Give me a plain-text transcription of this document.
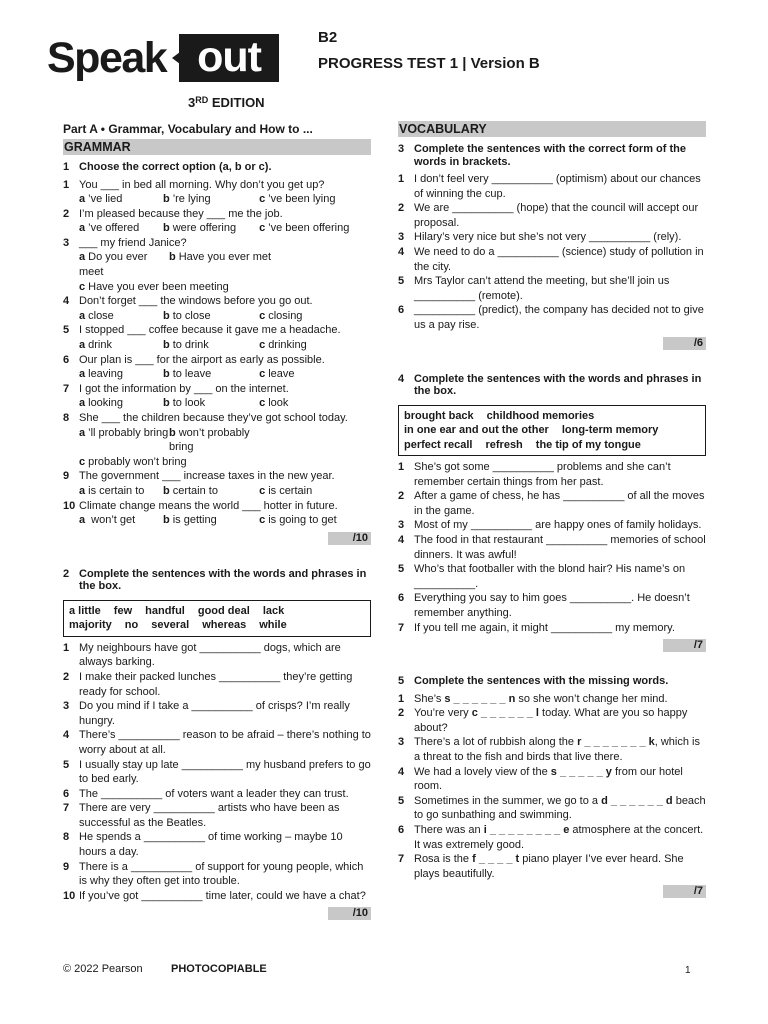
Speak out
3RD EDITION
B2
PROGRESS TEST 1 | Version B
Part A • Grammar, Vocabulary and How to ...
GRAMMAR
1 Choose the correct option (a, b or c).
1 You ___ in bed all morning. Why don’t you get up?
a ’ve lied	b ’re lying	c ’ve been lying
2 I’m pleased because they ___ me the job.
a ’ve offered	b were offering	c ’ve been offering
3 ___ my friend Janice?
a Do you ever meet
b Have you ever met
c Have you ever been meeting
4 Don’t forget ___ the windows before you go out.
a close	b to close	c closing
5 I stopped ___ coffee because it gave me a headache.
a drink	b to drink	c drinking
6 Our plan is ___ for the airport as early as possible.
a leaving	b to leave	c leave
7 I got the information by ___ on the internet.
a looking	b to look	c look
8 She ___ the children because they’ve got school today.
a ’ll probably bring b won’t probably bring
c probably won’t bring
9 The government ___ increase taxes in the new year.
a is certain to	b certain to	c is certain
10 Climate change means the world ___ hotter in future.
a won’t get	b is getting	c is going to get
/10
2 Complete the sentences with the words and phrases in the box.
a little few handful good deal lack
majority no several whereas while
1 My neighbours have got __________ dogs, which are always barking.
2 I make their packed lunches __________ they’re getting ready for school.
3 Do you mind if I take a __________ of crisps? I’m really hungry.
4 There’s __________ reason to be afraid – there’s nothing to worry about at all.
5 I usually stay up late __________ my husband prefers to go to bed early.
6 The __________ of voters want a leader they can trust.
7 There are very __________ artists who have been as successful as the Beatles.
8 He spends a __________ of time working – maybe 10 hours a day.
9 There is a __________ of support for young people, which is why they often get into trouble.
10 If you’ve got __________ time later, could we have a chat?
/10
VOCABULARY
3 Complete the sentences with the correct form of the words in brackets.
1 I don’t feel very __________ (optimism) about our chances of winning the cup.
2 We are __________ (hope) that the council will accept our proposal.
3 Hilary’s very nice but she’s not very __________ (rely).
4 We need to do a __________ (science) study of pollution in the city.
5 Mrs Taylor can’t attend the meeting, but she’ll join us __________ (remote).
6 __________ (predict), the company has decided not to give us a pay rise.
/6
4 Complete the sentences with the words and phrases in the box.
brought back childhood memories
in one ear and out the other long-term memory
perfect recall refresh the tip of my tongue
1 She’s got some __________ problems and she can’t remember certain things from her past.
2 After a game of chess, he has __________ of all the moves in the game.
3 Most of my __________ are happy ones of family holidays.
4 The food in that restaurant __________ memories of school dinners. It was awful!
5 Who’s that footballer with the blond hair? His name’s on __________.
6 Everything you say to him goes __________. He doesn’t remember anything.
7 If you tell me again, it might __________ my memory.
/7
5 Complete the sentences with the missing words.
1 She’s s _ _ _ _ _ _ n so she won’t change her mind.
2 You’re very c _ _ _ _ _ _ l today. What are you so happy about?
3 There’s a lot of rubbish along the r _ _ _ _ _ _ _ k, which is a threat to the fish and birds that live there.
4 We had a lovely view of the s _ _ _ _ _ y from our hotel room.
5 Sometimes in the summer, we go to a d _ _ _ _ _ _ d beach to go sunbathing and swimming.
6 There was an i _ _ _ _ _ _ _ _ e atmosphere at the concert. It was extremely good.
7 Rosa is the f _ _ _ _ t piano player I’ve ever heard. She plays beautifully.
/7
© 2022 Pearson	PHOTOCOPIABLE	1
